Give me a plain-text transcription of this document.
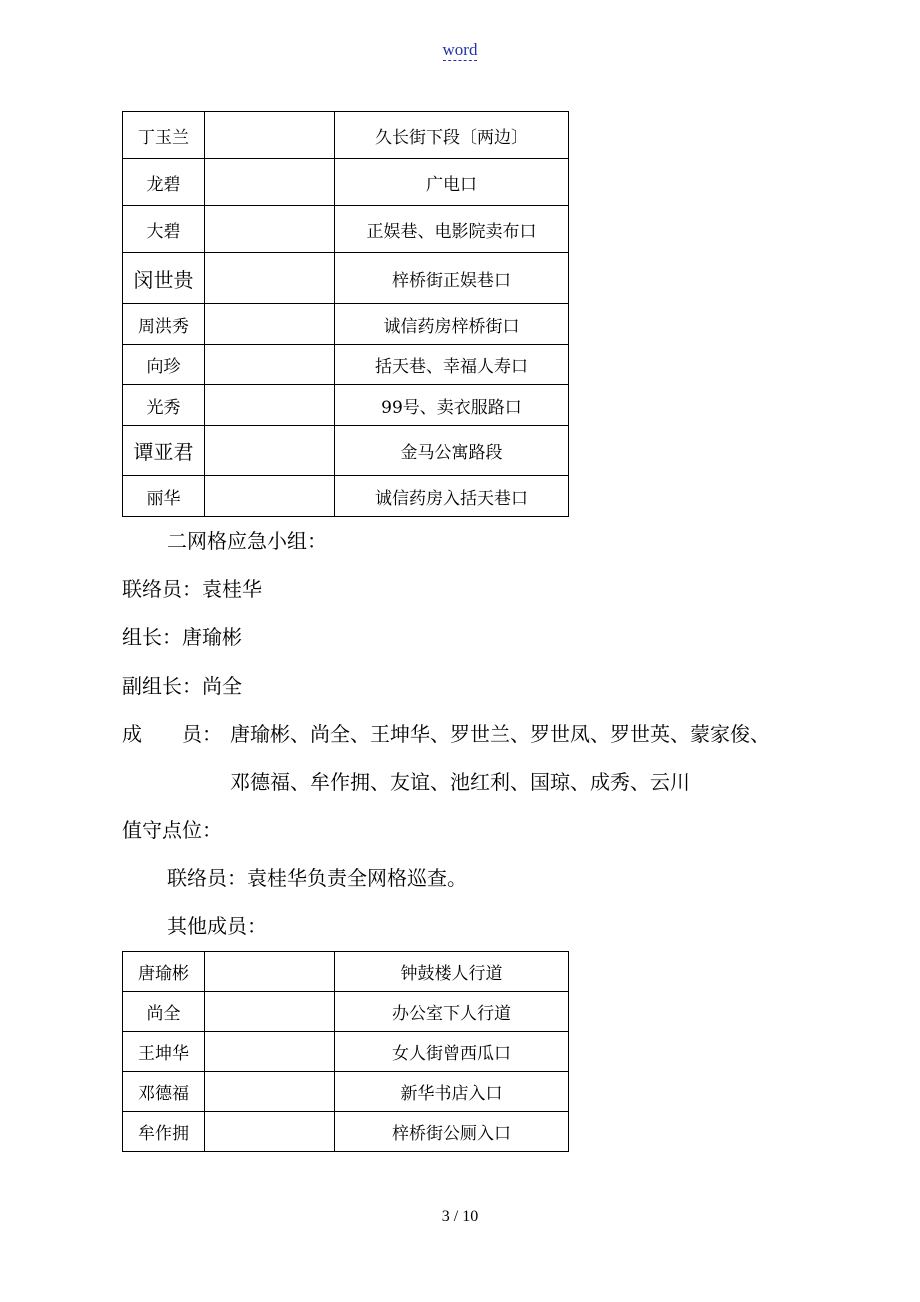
word
丁玉兰		久长街下段〔两边〕
龙碧		广电口
大碧		正娱巷、电影院卖布口
闵世贵		梓桥街正娱巷口
周洪秀		诚信药房梓桥街口
向珍		括天巷、幸福人寿口
光秀		99号、卖衣服路口
谭亚君		金马公寓路段
丽华		诚信药房入括天巷口
二网格应急小组：
联络员：袁桂华
组长：唐瑜彬
副组长：尚全
成　　员： 唐瑜彬、尚全、王坤华、罗世兰、罗世凤、罗世英、蒙家俊、
邓德福、牟作拥、友谊、池红利、国琼、成秀、云川
值守点位：
联络员：袁桂华负责全网格巡查。
其他成员：
唐瑜彬		钟鼓楼人行道
尚全		办公室下人行道
王坤华		女人街曾西瓜口
邓德福		新华书店入口
牟作拥		梓桥街公厕入口
3 / 10
